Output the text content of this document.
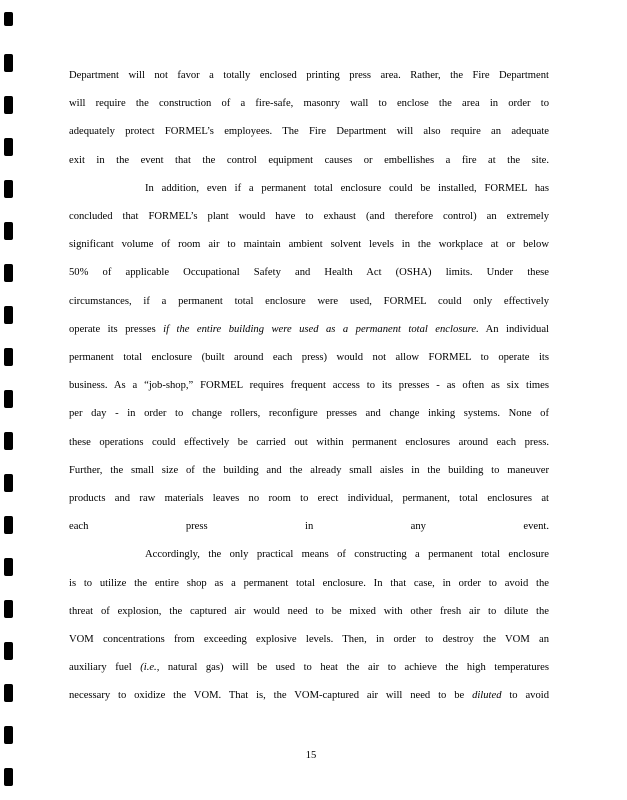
Department will not favor a totally enclosed printing press area. Rather, the Fire Department
will require the construction of a fire-safe, masonry wall to enclose the area in order to
adequately protect FORMEL’s employees. The Fire Department will also require an adequate
exit in the event that the control equipment causes or embellishes a fire at the site.

In addition, even if a permanent total enclosure could be installed, FORMEL has
concluded that FORMEL’s plant would have to exhaust (and therefore control) an extremely
significant volume of room air to maintain ambient solvent levels in the workplace at or below
50% of applicable Occupational Safety and Health Act (OSHA) limits. Under these
circumstances, if a permanent total enclosure were used, FORMEL could only effectively
operate its presses if the entire building were used as a permanent total enclosure. An individual
permanent total enclosure (built around each press) would not allow FORMEL to operate its
business. As a “job-shop,” FORMEL requires frequent access to its presses - as often as six times
per day - in order to change rollers, reconfigure presses and change inking systems. None of
these operations could effectively be carried out within permanent enclosures around each press.
Further, the small size of the building and the already small aisles in the building to maneuver
products and raw materials leaves no room to erect individual, permanent, total enclosures at
each press in any event.

Accordingly, the only practical means of constructing a permanent total enclosure
is to utilize the entire shop as a permanent total enclosure. In that case, in order to avoid the
threat of explosion, the captured air would need to be mixed with other fresh air to dilute the
VOM concentrations from exceeding explosive levels. Then, in order to destroy the VOM an
auxiliary fuel (i.e., natural gas) will be used to heat the air to achieve the high temperatures
necessary to oxidize the VOM. That is, the VOM-captured air will need to be diluted to avoid

15
